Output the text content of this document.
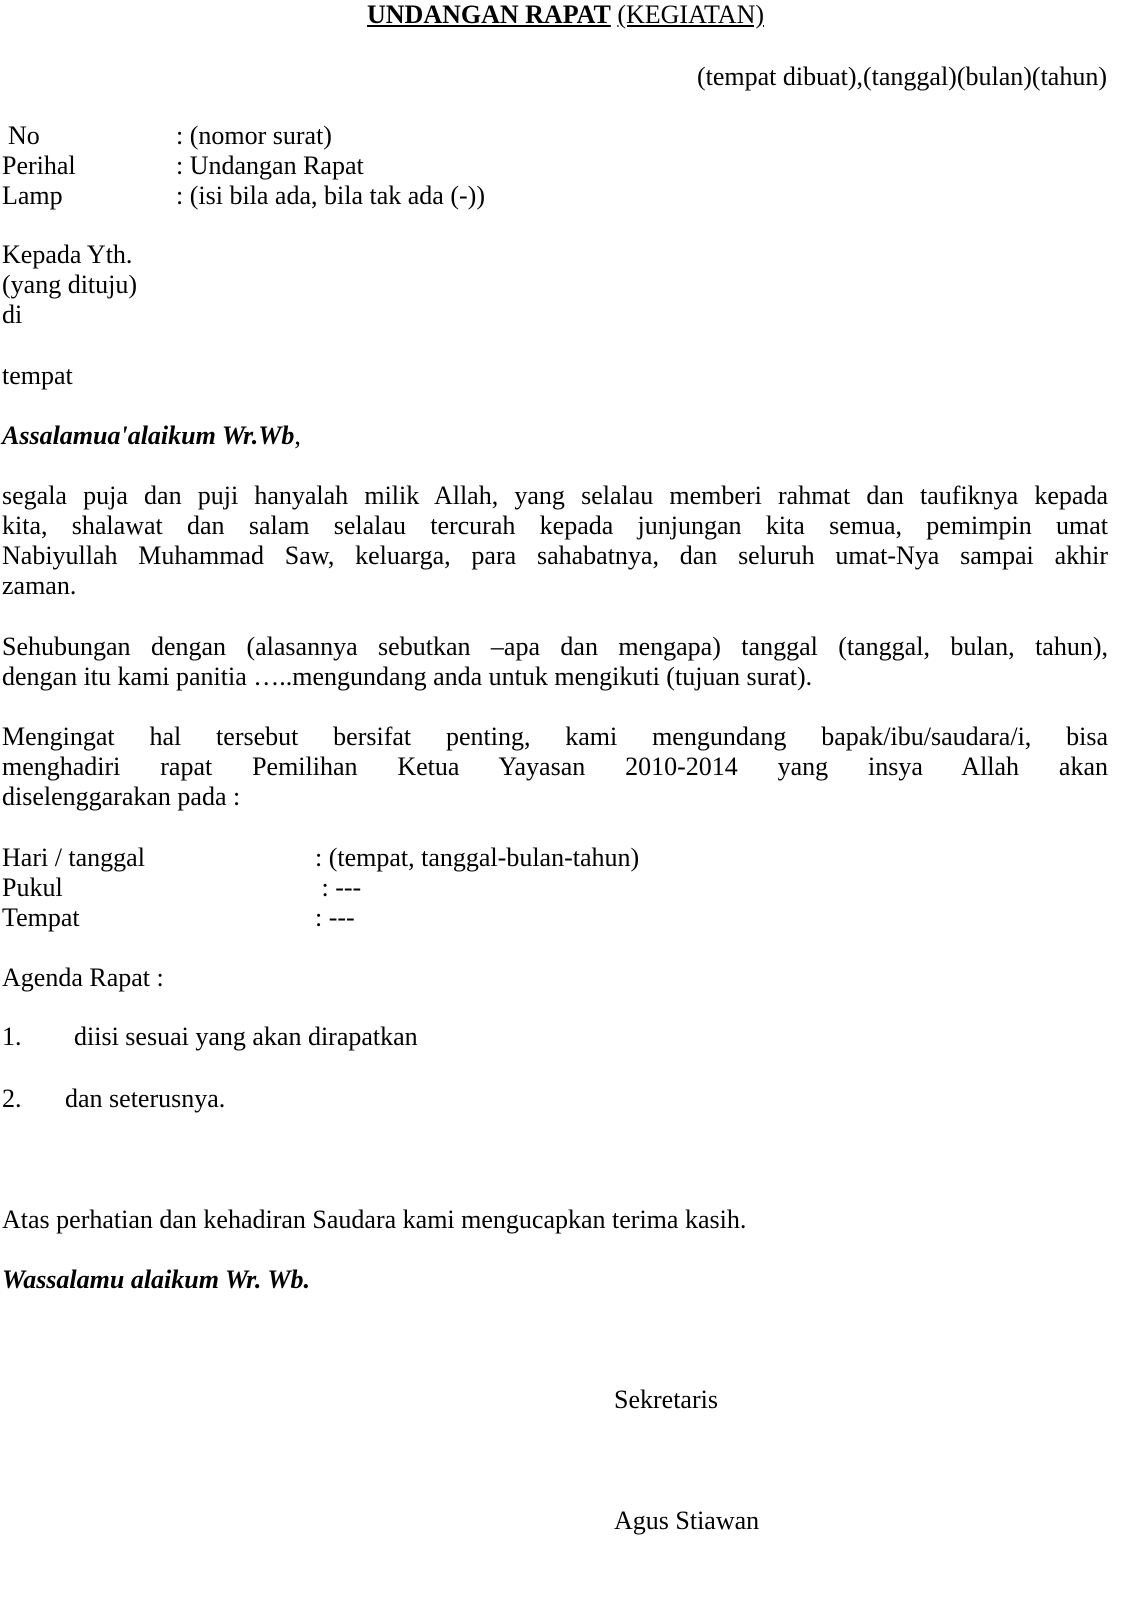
UNDANGAN RAPAT (KEGIATAN)
(tempat dibuat),(tanggal)(bulan)(tahun)
No	: (nomor surat)
Perihal	: Undangan Rapat
Lamp	: (isi bila ada, bila tak ada (-))
Kepada Yth.
(yang dituju)
di
tempat
Assalamua'alaikum Wr.Wb,
segala puja dan puji hanyalah milik Allah, yang selalau memberi rahmat dan taufiknya kepada
kita, shalawat dan salam selalau tercurah kepada junjungan kita semua, pemimpin umat
Nabiyullah Muhammad Saw, keluarga, para sahabatnya, dan seluruh umat-Nya sampai akhir
zaman.
Sehubungan dengan (alasannya sebutkan –apa dan mengapa) tanggal (tanggal, bulan, tahun),
dengan itu kami panitia …..mengundang anda untuk mengikuti (tujuan surat).
Mengingat hal tersebut bersifat penting, kami mengundang bapak/ibu/saudara/i, bisa
menghadiri rapat Pemilihan Ketua Yayasan 2010-2014 yang insya Allah akan
diselenggarakan pada :
Hari / tanggal	: (tempat, tanggal-bulan-tahun)
Pukul	: ---
Tempat	: ---
Agenda Rapat :
1. diisi sesuai yang akan dirapatkan
2. dan seterusnya.
Atas perhatian dan kehadiran Saudara kami mengucapkan terima kasih.
Wassalamu alaikum Wr. Wb.
Sekretaris
Agus Stiawan
